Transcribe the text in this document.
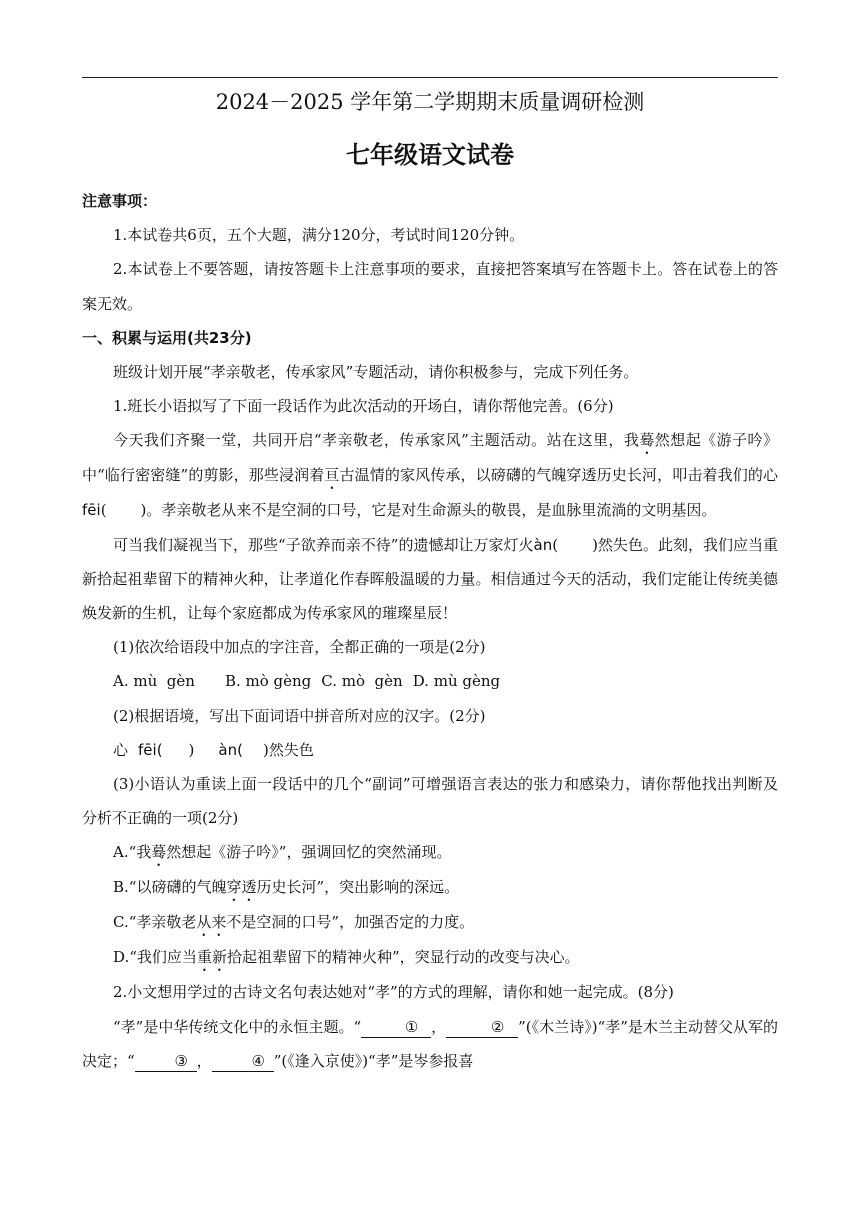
2024－2025 学年第二学期期末质量调研检测
七年级语文试卷

注意事项：

1.本试卷共6页，五个大题，满分120分，考试时间120分钟。

2.本试卷上不要答题，请按答题卡上注意事项的要求，直接把答案填写在答题卡上。答在试卷上的答案无效。

一、积累与运用(共23分)

班级计划开展“孝亲敬老，传承家风”专题活动，请你积极参与，完成下列任务。

1.班长小语拟写了下面一段话作为此次活动的开场白，请你帮他完善。(6分)

今天我们齐聚一堂，共同开启“孝亲敬老，传承家风”主题活动。站在这里，我蓦然想起《游子吟》中“临行密密缝”的剪影，那些浸润着亘古温情的家风传承，以磅礴的气魄穿透历史长河，叩击着我们的心fēi( )。孝亲敬老从来不是空洞的口号，它是对生命源头的敬畏，是血脉里流淌的文明基因。

可当我们凝视当下，那些“子欲养而亲不待”的遗憾却让万家灯火àn( )然失色。此刻，我们应当重新拾起祖辈留下的精神火种，让孝道化作春晖般温暖的力量。相信通过今天的活动，我们定能让传统美德焕发新的生机，让每个家庭都成为传承家风的璀璨星辰！

(1)依次给语段中加点的字注音，全都正确的一项是(2分)

A. mù  gèn B. mò gèng C. mò  gèn D. mù gèng

(2)根据语境，写出下面词语中拼音所对应的汉字。(2分)

心 fēi( ) àn( )然失色

(3)小语认为重读上面一段话中的几个“副词”可增强语言表达的张力和感染力，请你帮他找出判断及分析不正确的一项(2分)

A.“我蓦然想起《游子吟》”，强调回忆的突然涌现。

B.“以磅礴的气魄穿透历史长河”，突出影响的深远。

C.“孝亲敬老从来不是空洞的口号”，加强否定的力度。

D.“我们应当重新拾起祖辈留下的精神火种”，突显行动的改变与决心。

2.小文想用学过的古诗文名句表达她对“孝”的方式的理解，请你和她一起完成。(8分)

“孝”是中华传统文化中的永恒主题。“	① ，	② ”(《木兰诗》)“孝”是木兰主动替父从军的决定；“	③ ，	④ ”(《逢入京使》)“孝”是岑参报喜
